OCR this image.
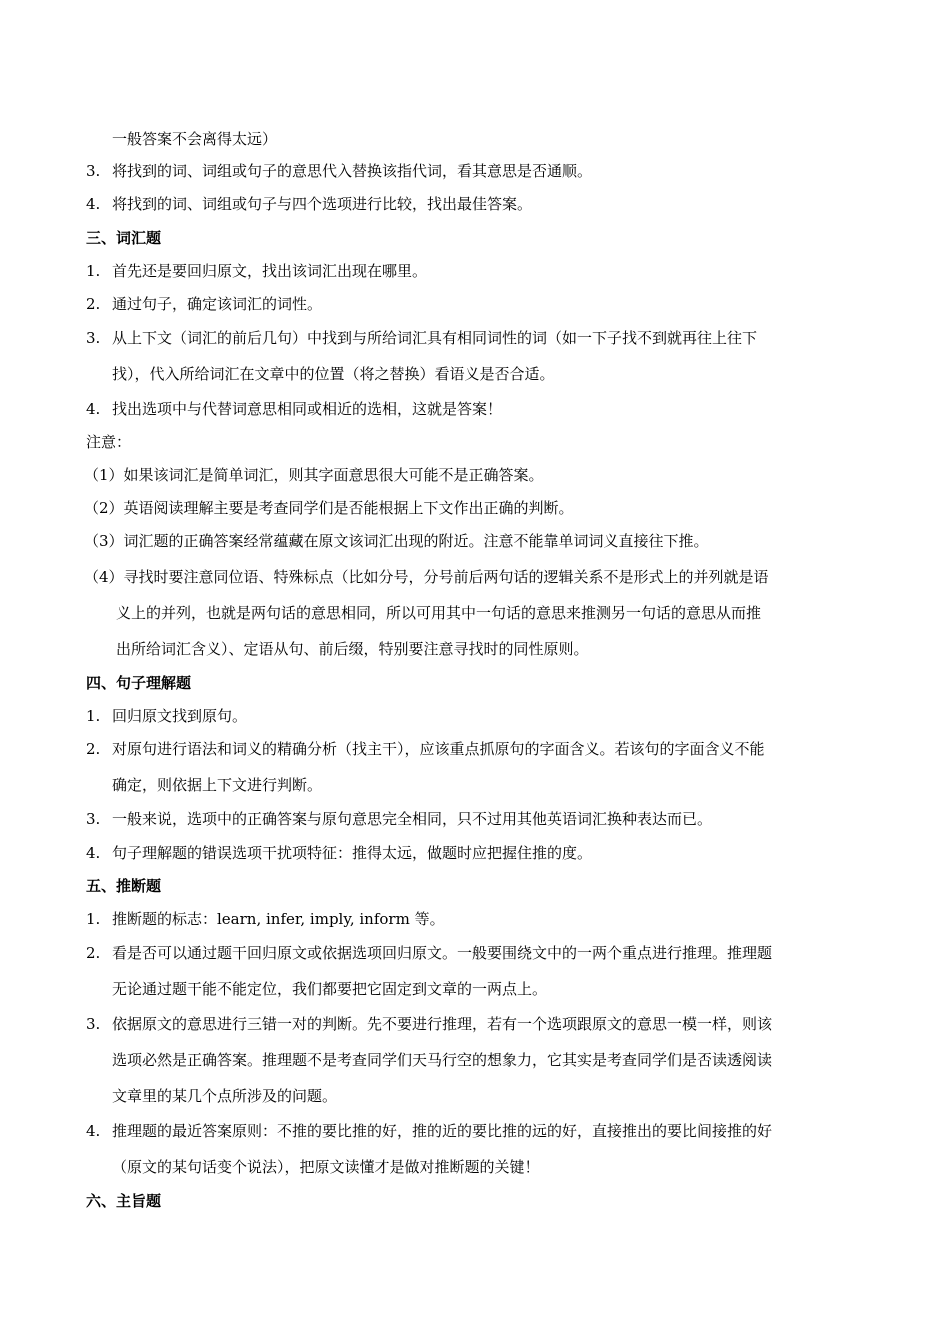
一般答案不会离得太远）
3. 将找到的词、词组或句子的意思代入替换该指代词，看其意思是否通顺。
4. 将找到的词、词组或句子与四个选项进行比较，找出最佳答案。
三、词汇题
1. 首先还是要回归原文，找出该词汇出现在哪里。
2. 通过句子，确定该词汇的词性。
3. 从上下文（词汇的前后几句）中找到与所给词汇具有相同词性的词（如一下子找不到就再往上往下
找），代入所给词汇在文章中的位置（将之替换）看语义是否合适。
4. 找出选项中与代替词意思相同或相近的选相，这就是答案！
注意：
（1）如果该词汇是简单词汇，则其字面意思很大可能不是正确答案。
（2）英语阅读理解主要是考查同学们是否能根据上下文作出正确的判断。
（3）词汇题的正确答案经常蕴藏在原文该词汇出现的附近。注意不能靠单词词义直接往下推。
（4）寻找时要注意同位语、特殊标点（比如分号，分号前后两句话的逻辑关系不是形式上的并列就是语
义上的并列，也就是两句话的意思相同，所以可用其中一句话的意思来推测另一句话的意思从而推
出所给词汇含义）、定语从句、前后缀，特别要注意寻找时的同性原则。
四、句子理解题
1. 回归原文找到原句。
2. 对原句进行语法和词义的精确分析（找主干），应该重点抓原句的字面含义。若该句的字面含义不能
确定，则依据上下文进行判断。
3. 一般来说，选项中的正确答案与原句意思完全相同，只不过用其他英语词汇换种表达而已。
4. 句子理解题的错误选项干扰项特征：推得太远，做题时应把握住推的度。
五、推断题
1. 推断题的标志：learn, infer, imply, inform 等。
2. 看是否可以通过题干回归原文或依据选项回归原文。一般要围绕文中的一两个重点进行推理。推理题
无论通过题干能不能定位，我们都要把它固定到文章的一两点上。
3. 依据原文的意思进行三错一对的判断。先不要进行推理，若有一个选项跟原文的意思一模一样，则该
选项必然是正确答案。推理题不是考查同学们天马行空的想象力，它其实是考查同学们是否读透阅读
文章里的某几个点所涉及的问题。
4. 推理题的最近答案原则：不推的要比推的好，推的近的要比推的远的好，直接推出的要比间接推的好
（原文的某句话变个说法），把原文读懂才是做对推断题的关键！
六、主旨题
